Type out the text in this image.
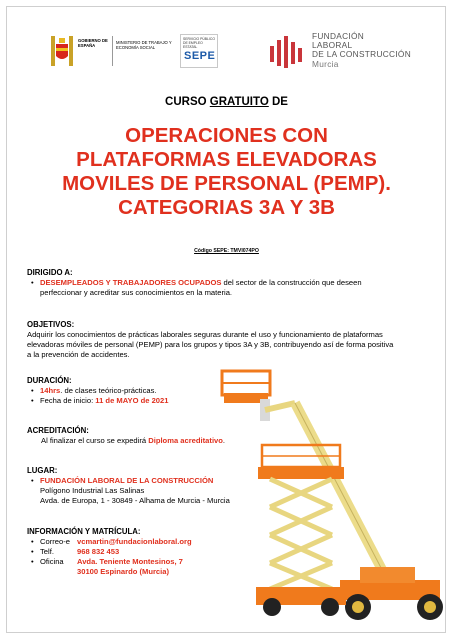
GOBIERNO DE ESPAÑA
MINISTERIO DE TRABAJO Y ECONOMÍA SOCIAL
SERVICIO PÚBLICO DE EMPLEO ESTATAL
SEPE
FUNDACIÓN
LABORAL
DE LA CONSTRUCCIÓN
Murcia
CURSO GRATUITO DE
OPERACIONES CON
PLATAFORMAS ELEVADORAS
MOVILES DE PERSONAL (PEMP).
CATEGORIAS 3A Y 3B
Código SEPE: TMVI074PO
DIRIGIDO A:
• DESEMPLEADOS Y TRABAJADORES OCUPADOS del sector de la construcción que deseen
perfeccionar y acreditar sus conocimientos en la materia.
OBJETIVOS:
Adquirir los conocimientos de prácticas laborales seguras durante el uso y funcionamiento de plataformas
elevadoras móviles de personal (PEMP) para los grupos y tipos 3A y 3B, contribuyendo así de forma positiva
a la prevención de accidentes.
DURACIÓN:
• 14hrs. de clases teórico-prácticas.
• Fecha de inicio: 11 de MAYO de 2021
ACREDITACIÓN:
Al finalizar el curso se expedirá Diploma acreditativo.
LUGAR:
• FUNDACIÓN LABORAL DE LA CONSTRUCCIÓN
Polígono Industrial Las Salinas
Avda. de Europa, 1 - 30849 - Alhama de Murcia - Murcia
INFORMACIÓN Y MATRÍCULA:
• Correo-e vcmartin@fundacionlaboral.org
• Telf.	968 832 453
• Oficina Avda. Teniente Montesinos, 7
30100 Espinardo (Murcia)
